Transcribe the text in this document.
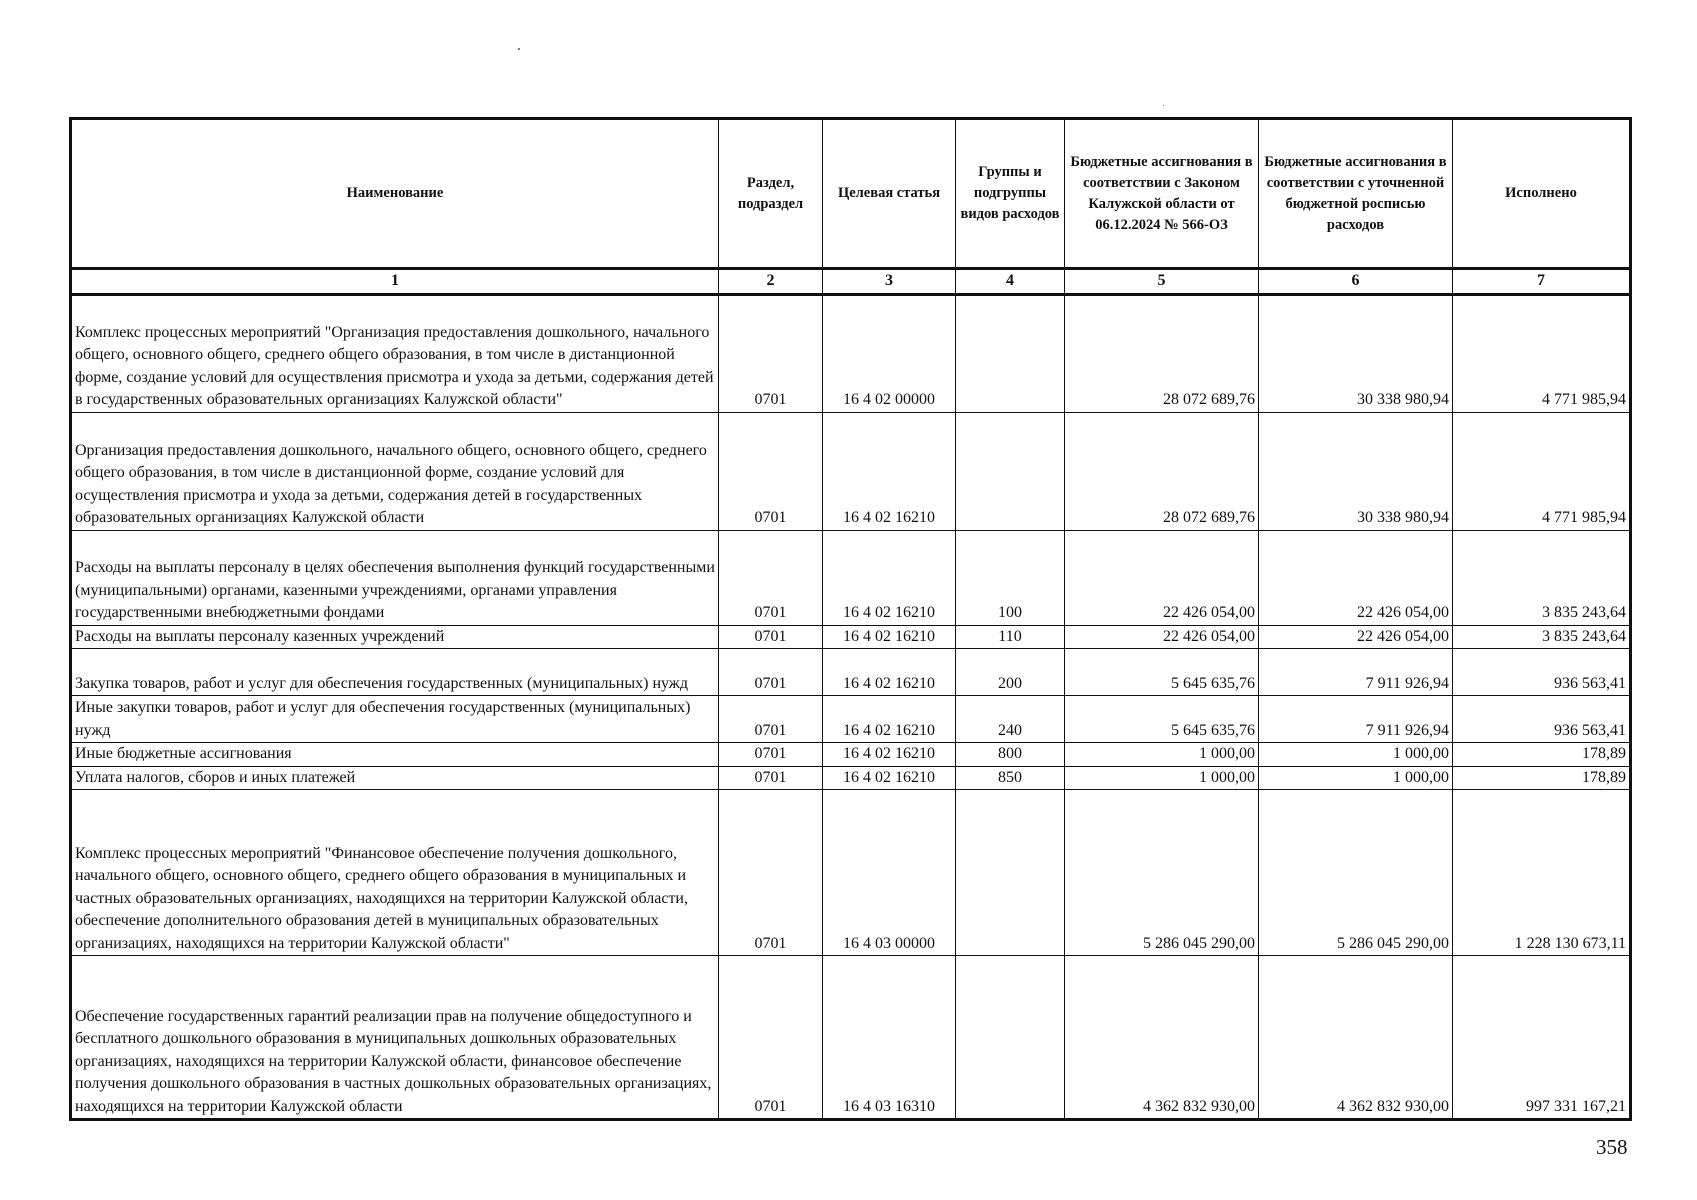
Наименование	Раздел, подраздел	Целевая статья	Группы и подгруппы видов расходов	Бюджетные ассигнования в соответствии с Законом Калужской области от 06.12.2024 № 566-ОЗ	Бюджетные ассигнования в соответствии с уточненной бюджетной росписью расходов	Исполнено
1	2	3	4	5	6	7
Комплекс процессных мероприятий "Организация предоставления дошкольного, начального общего, основного общего, среднего общего образования, в том числе в дистанционной форме, создание условий для осуществления присмотра и ухода за детьми, содержания детей в государственных образовательных организациях Калужской области"	0701	16 4 02 00000		28 072 689,76	30 338 980,94	4 771 985,94
Организация предоставления дошкольного, начального общего, основного общего, среднего общего образования, в том числе в дистанционной форме, создание условий для осуществления присмотра и ухода за детьми, содержания детей в государственных образовательных организациях Калужской области	0701	16 4 02 16210		28 072 689,76	30 338 980,94	4 771 985,94
Расходы на выплаты персоналу в целях обеспечения выполнения функций государственными (муниципальными) органами, казенными учреждениями, органами управления государственными внебюджетными фондами	0701	16 4 02 16210	100	22 426 054,00	22 426 054,00	3 835 243,64
Расходы на выплаты персоналу казенных учреждений	0701	16 4 02 16210	110	22 426 054,00	22 426 054,00	3 835 243,64
Закупка товаров, работ и услуг для обеспечения государственных (муниципальных) нужд	0701	16 4 02 16210	200	5 645 635,76	7 911 926,94	936 563,41
Иные закупки товаров, работ и услуг для обеспечения государственных (муниципальных) нужд	0701	16 4 02 16210	240	5 645 635,76	7 911 926,94	936 563,41
Иные бюджетные ассигнования	0701	16 4 02 16210	800	1 000,00	1 000,00	178,89
Уплата налогов, сборов и иных платежей	0701	16 4 02 16210	850	1 000,00	1 000,00	178,89
Комплекс процессных мероприятий "Финансовое обеспечение получения дошкольного, начального общего, основного общего, среднего общего образования в муниципальных и частных образовательных организациях, находящихся на территории Калужской области, обеспечение дополнительного образования детей в муниципальных образовательных организациях, находящихся на территории Калужской области"	0701	16 4 03 00000		5 286 045 290,00	5 286 045 290,00	1 228 130 673,11
Обеспечение государственных гарантий реализации прав на получение общедоступного и бесплатного дошкольного образования в муниципальных дошкольных образовательных организациях, находящихся на территории Калужской области, финансовое обеспечение получения дошкольного образования в частных дошкольных образовательных организациях, находящихся на территории Калужской области	0701	16 4 03 16310		4 362 832 930,00	4 362 832 930,00	997 331 167,21
358
